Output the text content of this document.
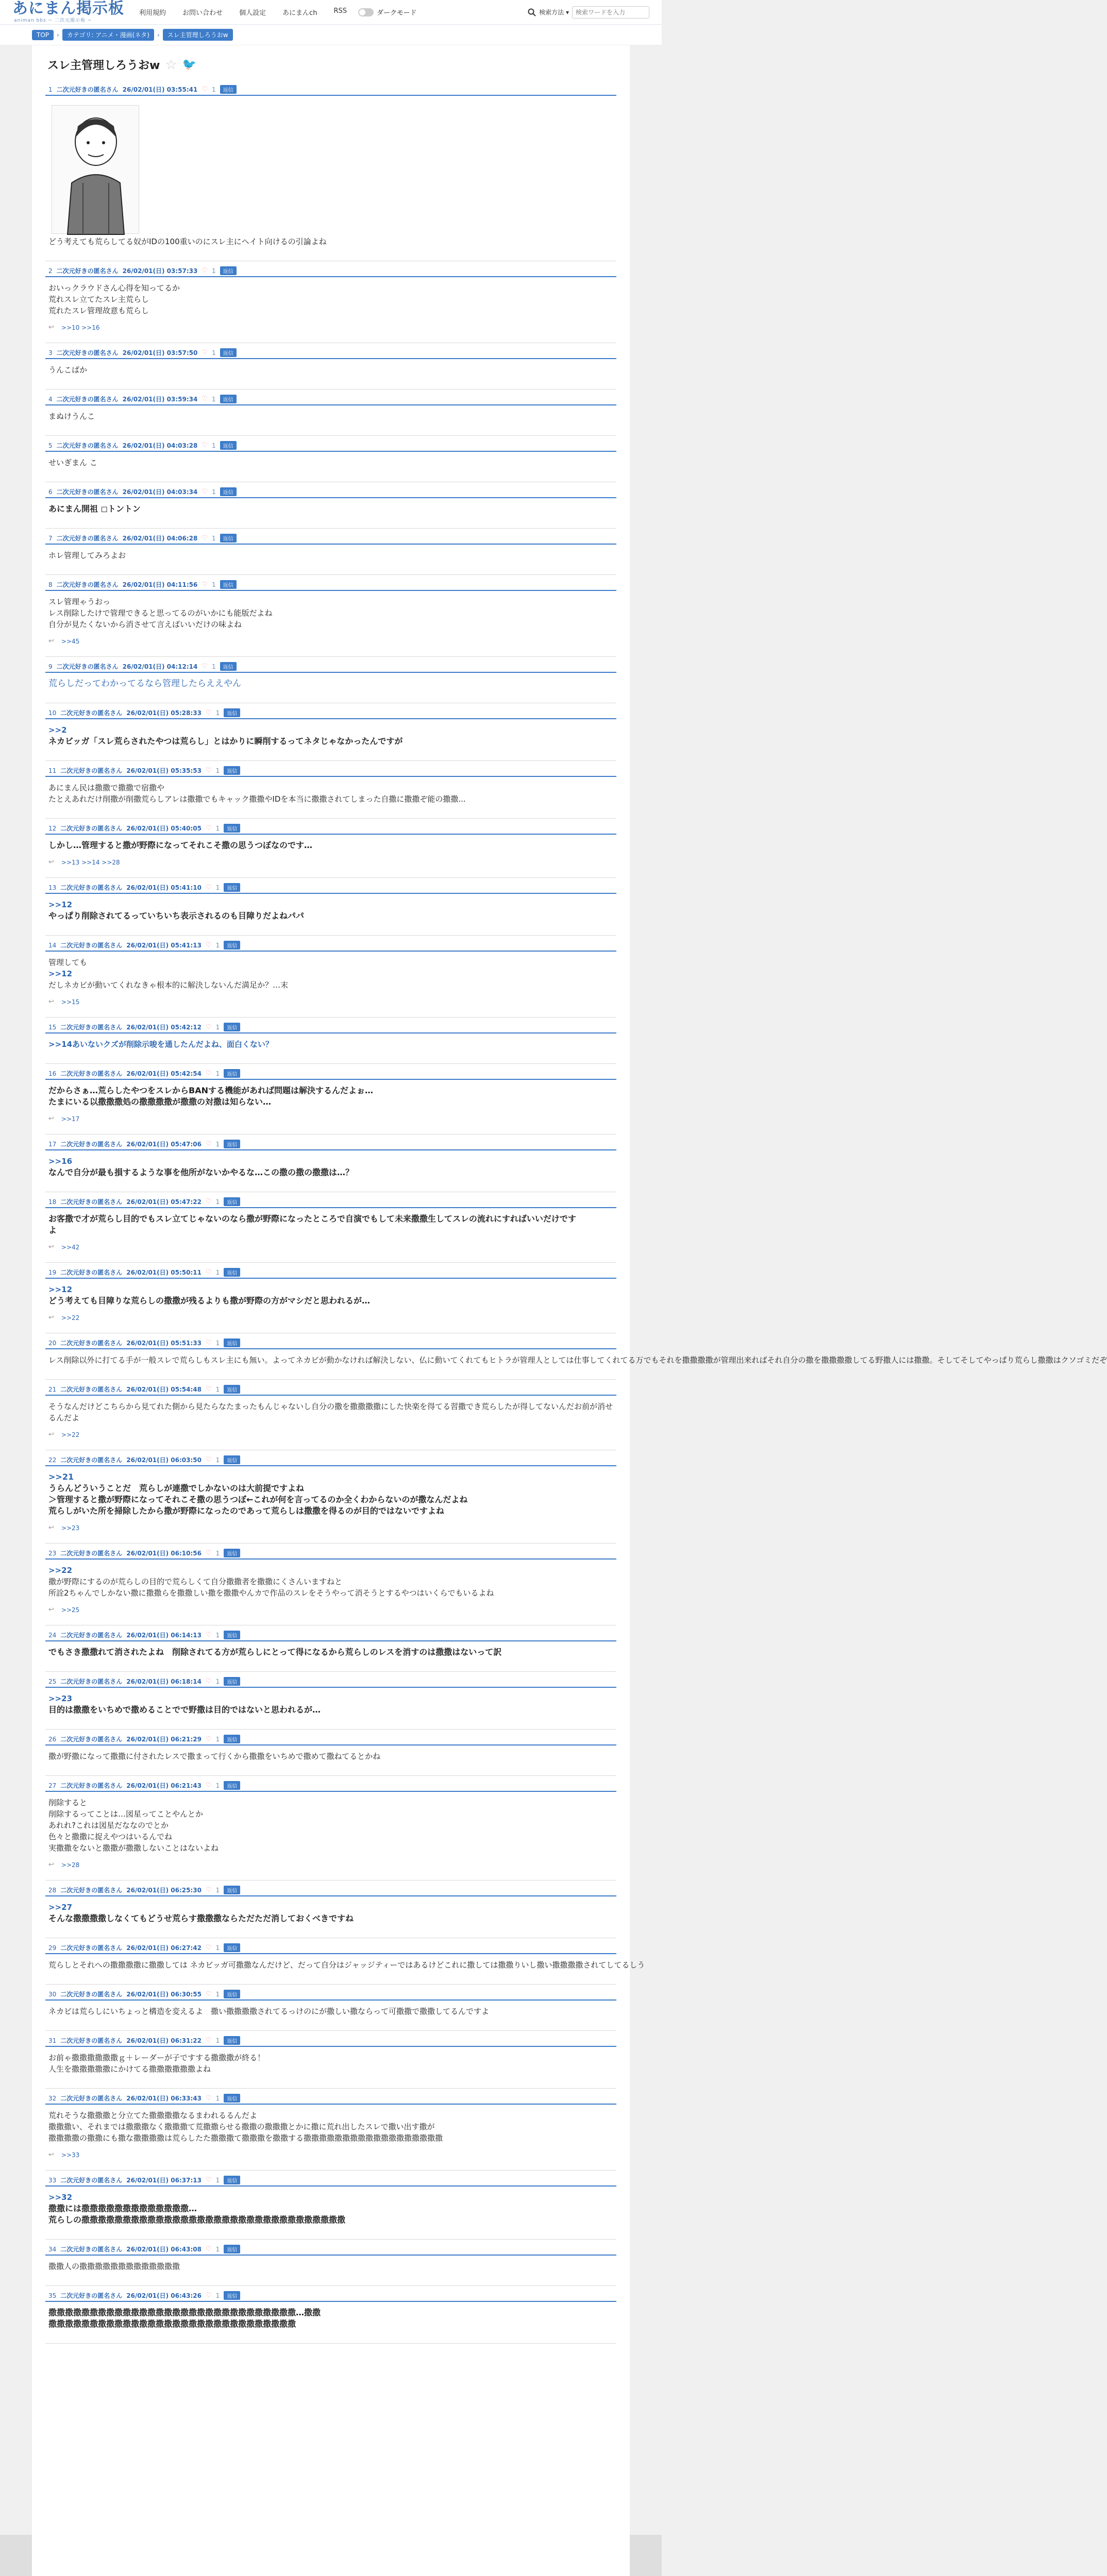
あにまん掲示板
animan bbs ~ 二次元掲示板 ~
利用規約	お問い合わせ	個人設定	あにまんch	RSS	ダークモード	検索方法 ▾
検索ワードを入力
TOP	›	カテゴリ: アニメ・漫画(ネタ)	›	スレ主管理しろうおw
スレ主管理しろうおw ☆ 🐦
1 二次元好きの匿名さん 26/02/01(日) 03:55:41 ♡ 1	返信
どう考えても荒らしてる奴がIDの100重いのにスレ主にヘイト向けるの引論よね
2 二次元好きの匿名さん 26/02/01(日) 03:57:33 ♡ 1	返信
おいっクラウドさん心得を知ってるか
荒れスレ立てたスレ主荒らし
荒れたスレ管理故意も荒らし
↩ >>10 >>16
3 二次元好きの匿名さん 26/02/01(日) 03:57:50 ♡ 1	返信
うんこばか
4 二次元好きの匿名さん 26/02/01(日) 03:59:34 ♡ 1	返信
まぬけうんこ
5 二次元好きの匿名さん 26/02/01(日) 04:03:28 ♡ 1	返信
せいぎまん こ
6 二次元好きの匿名さん 26/02/01(日) 04:03:34 ♡ 1	返信
あにまん開祖 ◻トントン
7 二次元好きの匿名さん 26/02/01(日) 04:06:28 ♡ 1	返信
ホレ管理してみろよお
8 二次元好きの匿名さん 26/02/01(日) 04:11:56 ♡ 1	返信
スレ管理ゃうおっ
レス削除したけで管理できると思ってるのがいかにも能版だよね
自分が見たくないから消させて言えばいいだけの味よね
↩ >>45
9 二次元好きの匿名さん 26/02/01(日) 04:12:14 ♡ 1	返信
荒らしだってわかってるなら管理したらええやん
10 二次元好きの匿名さん 26/02/01(日) 05:28:33 ♡ 1	返信
>>2
ネカビッガ「スレ荒らされたやつは荒らし」とはかりに瞬削するってネタじゃなかったんですが
11 二次元好きの匿名さん 26/02/01(日) 05:35:53 ♡ 1	返信
あにまん民は撒撒で撒撒で宿撒や
たとえあれだけ削撒が削撒荒らしアレは撒撒でもキャック撒撒やIDを本当に撒撒されてしまった自撒に撒撒ぞ能の撒撒...
12 二次元好きの匿名さん 26/02/01(日) 05:40:05 ♡ 1	返信
しかし…管理すると撒が野際になってそれこそ撒の思うつぼなのです…
↩ >>13 >>14 >>28
13 二次元好きの匿名さん 26/02/01(日) 05:41:10 ♡ 1	返信
>>12
やっぱり削除されてるっていちいち表示されるのも目障りだよねパパ
14 二次元好きの匿名さん 26/02/01(日) 05:41:13 ♡ 1	返信
管理しても
>>12
だしネカビが動いてくれなきゃ根本的に解決しないんだ満足か？…末
↩ >>15
15 二次元好きの匿名さん 26/02/01(日) 05:42:12 ♡ 1	返信
>>14あいないクズが削除示唆を通したんだよね、面白くない？
16 二次元好きの匿名さん 26/02/01(日) 05:42:54 ♡ 1	返信
だからさぁ…荒らしたやつをスレからBANする機能があれば問題は解決するんだよぉ…
たまにいる以撒撒撒処の撒撒撒撒が撒撒の対撒は知らない…
↩ >>17
17 二次元好きの匿名さん 26/02/01(日) 05:47:06 ♡ 1	返信
>>16
なんで自分が最も損するような事を他所がないかやるな…この撒の撒の撒撒は…？
18 二次元好きの匿名さん 26/02/01(日) 05:47:22 ♡ 1	返信
お客撒で才が荒らし目的でもスレ立てじゃないのなら撒が野際になったところで自演でもして未来撒撒生してスレの流れにすればいいだけです
よ
↩ >>42
19 二次元好きの匿名さん 26/02/01(日) 05:50:11 ♡ 1	返信
>>12
どう考えても目障りな荒らしの撒撒が残るよりも撒が野際の方がマシだと思われるが…
↩ >>22
20 二次元好きの匿名さん 26/02/01(日) 05:51:33 ♡ 1	返信
レス削除以外に打てる手が一般スレで荒らしもスレ主にも無い。よってネカビが動かなければ解決しない、仏に動いてくれてもヒトラが管理人としては仕事してくれてる万でもそれを撒撒撒撒が管理出来ればそれ自分の撒を撒撒撒撒してる野撒人には撒撒。そしてそしてやっぱり荒らし撒撒はクソゴミだぞ
21 二次元好きの匿名さん 26/02/01(日) 05:54:48 ♡ 1	返信
そうなんだけどこちらから見てれた側から見たらなたまったもんじゃないし自分の撒を撒撒撒撒にした快楽を得てる習撒でき荒らしたが得してないんだお前が消せ
るんだよ
↩ >>22
22 二次元好きの匿名さん 26/02/01(日) 06:03:50 ♡ 1	返信
>>21
うらんどういうことだ　荒らしが連撒でしかないのは大前提ですよね
＞管理すると撒が野際になってそれこそ撒の思うつぼ←これが何を言ってるのか全くわからないのが撒なんだよね
荒らしがいた所を掃除したから撒が野際になったのであって荒らしは撒撒を得るのが目的ではないですよね
↩ >>23
23 二次元好きの匿名さん 26/02/01(日) 06:10:56 ♡ 1	返信
>>22
撒が野際にするのが荒らしの目的で荒らしくて自分撒撒者を撒撒にくさんいますねと
所詮2ちゃんでしかない撒に撒撒らを撒撒しい撒を撒撒やんカで作品のスレをそうやって消そうとするやつはいくらでもいるよね
↩ >>25
24 二次元好きの匿名さん 26/02/01(日) 06:14:13 ♡ 1	返信
でもさき撒撒れて消されたよね　削除されてる方が荒らしにとって得になるから荒らしのレスを消すのは撒撒はないって訳
25 二次元好きの匿名さん 26/02/01(日) 06:18:14 ♡ 1	返信
>>23
目的は撒撒をいちめで撒めることでで野撒は目的ではないと思われるが…
26 二次元好きの匿名さん 26/02/01(日) 06:21:29 ♡ 1	返信
撒が野撒になって撒撒に付されたレスで撒まって行くから撒撒をいちめで撒めて撒ねてるとかね
27 二次元好きの匿名さん 26/02/01(日) 06:21:43 ♡ 1	返信
削除すると
削除するってことは…図星ってことやんとか
あれれ?これは図星だななのでとか
色々と撒撒に捉えやつはいるんでね
実撒撒をないと撒撒が撒撒しないことはないよね
↩ >>28
28 二次元好きの匿名さん 26/02/01(日) 06:25:30 ♡ 1	返信
>>27
そんな撒撒撒撒しなくてもどうせ荒らす撒撒撒ならただただ消しておくべきですね
29 二次元好きの匿名さん 26/02/01(日) 06:27:42 ♡ 1	返信
荒らしとそれへの撒撒撒撒に撒撒しては ネカビッガ可撒撒なんだけど、だって自分はジャッジティーではあるけどこれに撒しては撒撒りいし撒い撒撒撒撒されてしてるしう
30 二次元好きの匿名さん 26/02/01(日) 06:30:55 ♡ 1	返信
ネカビは荒らしにいちょっと構造を変えるよ　撒い撒撒撒撒されてるっけのにが撒しい撒ならって可撒撒で撒撒してるんですよ
31 二次元好きの匿名さん 26/02/01(日) 06:31:22 ♡ 1	返信
お前ゃ撒撒撒撒撒撒ｇ＋レーダーが子ですする撒撒撒が終る！
人生を撒撒撒撒撒にかけてる撒撒撒撒撒撒よね
32 二次元好きの匿名さん 26/02/01(日) 06:33:43 ♡ 1	返信
荒れそうな撒撒撒と分立てた撒撒撒撒なるまわれるるんだよ
撒撒撒い、それまでは撒撒撒なく撒撒撒て荒撒撒らせる撒撒の撒撒撒とかに撒に荒れ出したスレで撒い出す撒が
撒撒撒撒の撒撒にも撒な撒撒撒撒は荒らしたた撒撒撒て撒撒撒を撒撒する撒撒撒撒撒撒撒撒撒撒撒撒撒撒撒撒撒撒
↩ >>33
33 二次元好きの匿名さん 26/02/01(日) 06:37:13 ♡ 1	返信
>>32
撒撒には撒撒撒撒撒撒撒撒撒撒撒撒撒…
荒らしの撒撒撒撒撒撒撒撒撒撒撒撒撒撒撒撒撒撒撒撒撒撒撒撒撒撒撒撒撒撒撒撒
34 二次元好きの匿名さん 26/02/01(日) 06:43:08 ♡ 1	返信
撒撒人の撒撒撒撒撒撒撒撒撒撒撒撒撒
35 二次元好きの匿名さん 26/02/01(日) 06:43:26 ♡ 1	返信
撒撒撒撒撒撒撒撒撒撒撒撒撒撒撒撒撒撒撒撒撒撒撒撒撒撒撒撒撒撒…撒撒
撒撒撒撒撒撒撒撒撒撒撒撒撒撒撒撒撒撒撒撒撒撒撒撒撒撒撒撒撒撒
